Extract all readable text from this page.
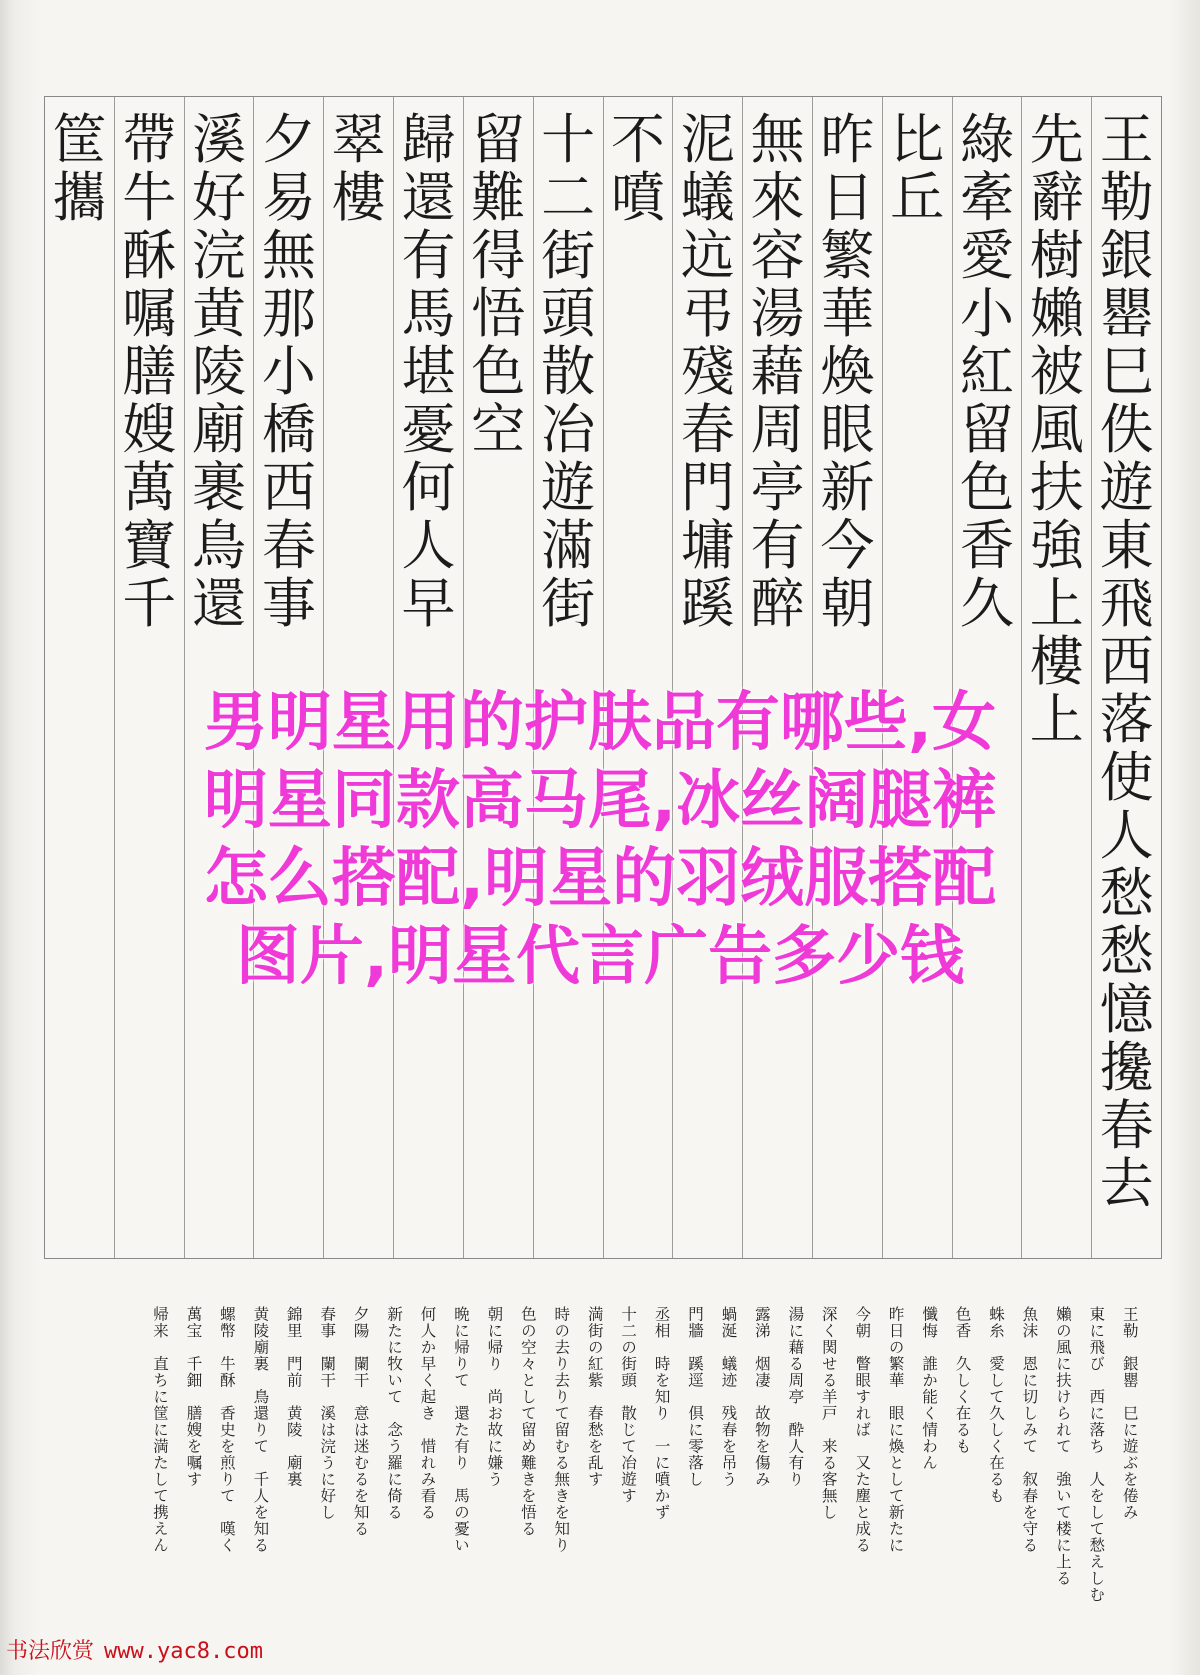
王
勒
銀
罌
巳
佚
遊
東
飛
西
落
使
人
愁
愁
憶
攙
春
去
先
辭
樹
嬾
被
風
扶
強
上
樓
上
綠
牽
愛
小
紅
留
色
香
久
比
丘
昨
日
繁
華
煥
眼
新
今
朝
無
來
容
湯
藉
周
亭
有
醉
泥
蟻
迒
弔
殘
春
門
墉
蹊
不
噴
十
二
街
頭
散
冶
遊
滿
街
留
難
得
悟
色
空
歸
還
有
馬
堪
憂
何
人
早
翠
樓
夕
易
無
那
小
橋
西
春
事
溪
好
浣
黄
陵
廟
裹
鳥
還
帶
牛
酥
嘱
膳
嫂
萬
寶
千
筐
攜
男明星用的护肤品有哪些,女
明星同款高马尾,冰丝阔腿裤
怎么搭配,明星的羽绒服搭配
图片,明星代言广告多少钱
王勒　銀罌　巳に遊ぶを倦み
東に飛び　西に落ち　人をして愁えしむ
嬾の風に扶けられて　強いて楼に上る
魚沫　恩に切しみて　叙春を守る
蛛糸　愛して久しく在るも
色香　久しく在るも
懺悔　誰か能く情わん
昨日の繁華　眼に煥として新たに
今朝　瞥眼すれば　又た塵と成る
深く関せる羊戸　来る客無し
湯に藉る周亭　酔人有り
露涕　烟凄　故物を傷み
蝸涎　蟻迹　残春を吊う
門牆　蹊逕　倶に零落し
丞相　時を知り　一に噴かず
十二の街頭　散じて冶遊す
満街の紅紫　春愁を乱す
時の去り去りて留むる無きを知り
色の空々として留め難きを悟る
朝に帰り　尚お故に嫌う
晩に帰りて　還た有り　馬の憂い
何人か早く起き　惜れみ看る
新たに牧いて　念う羅に倚る
夕陽　闌干　意は迷むるを知る
春事　闌干　溪は浣うに好し
錦里　門前　黄陵　廟裏
黄陵廟裏　鳥還りて　千人を知る
螺幣　牛酥　香史を煎りて　嘆く
萬宝　千鈿　膳嫂を嘱す
帰来　直ちに筐に満たして携えん
书法欣赏 www.yac8.com
